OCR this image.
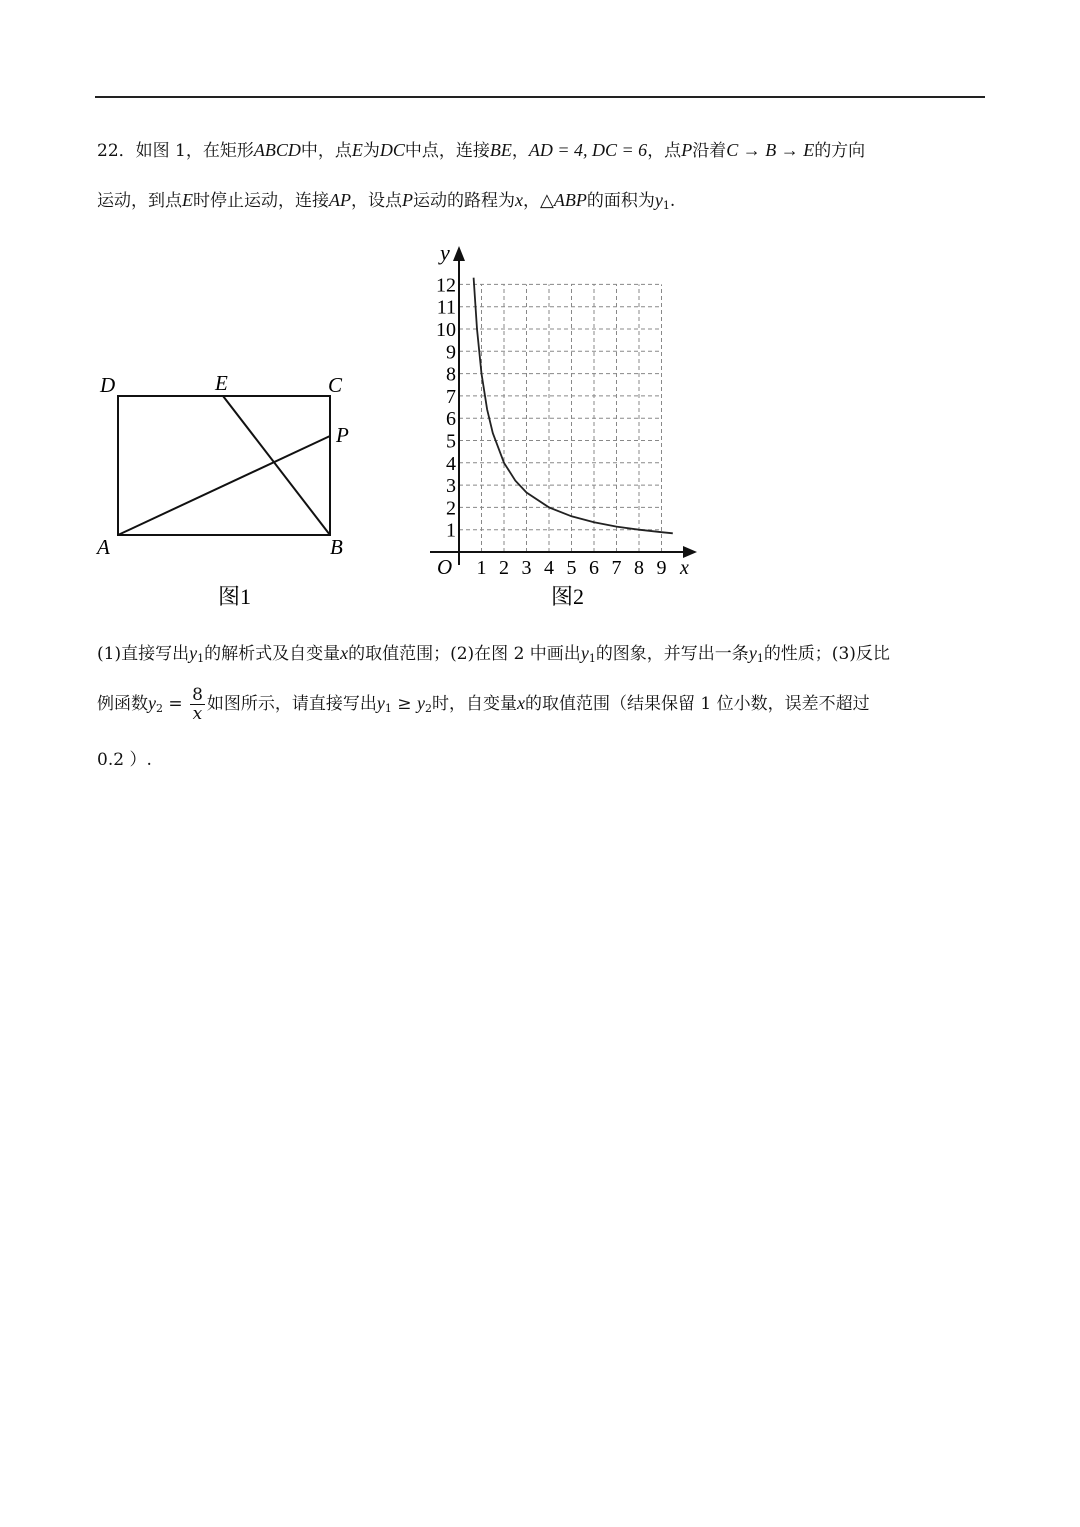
22．如图 1，在矩形ABCD中，点E为DC中点，连接BE，AD = 4, DC = 6，点P沿着C → B → E的方向
运动，到点E时停止运动，连接AP，设点P运动的路程为x，△ABP的面积为$y_1$.
D	E	C
P
A	B
图1
x
y
O 1 2 3 4 5 6 7 8 9
1
2
3
4
5
6
7
8
9
10
11
12
图2
(1)直接写出$y_1$的解析式及自变量x的取值范围；(2)在图 2 中画出$y_1$的图象，并写出一条$y_1$的性质；(3)反比
例函数$y_2 = \frac{8}{x}$ 如图所示，请直接写出$y_1 \ge y_2$时，自变量x的取值范围（结果保留 1 位小数，误差不超过
0.2 ）.
